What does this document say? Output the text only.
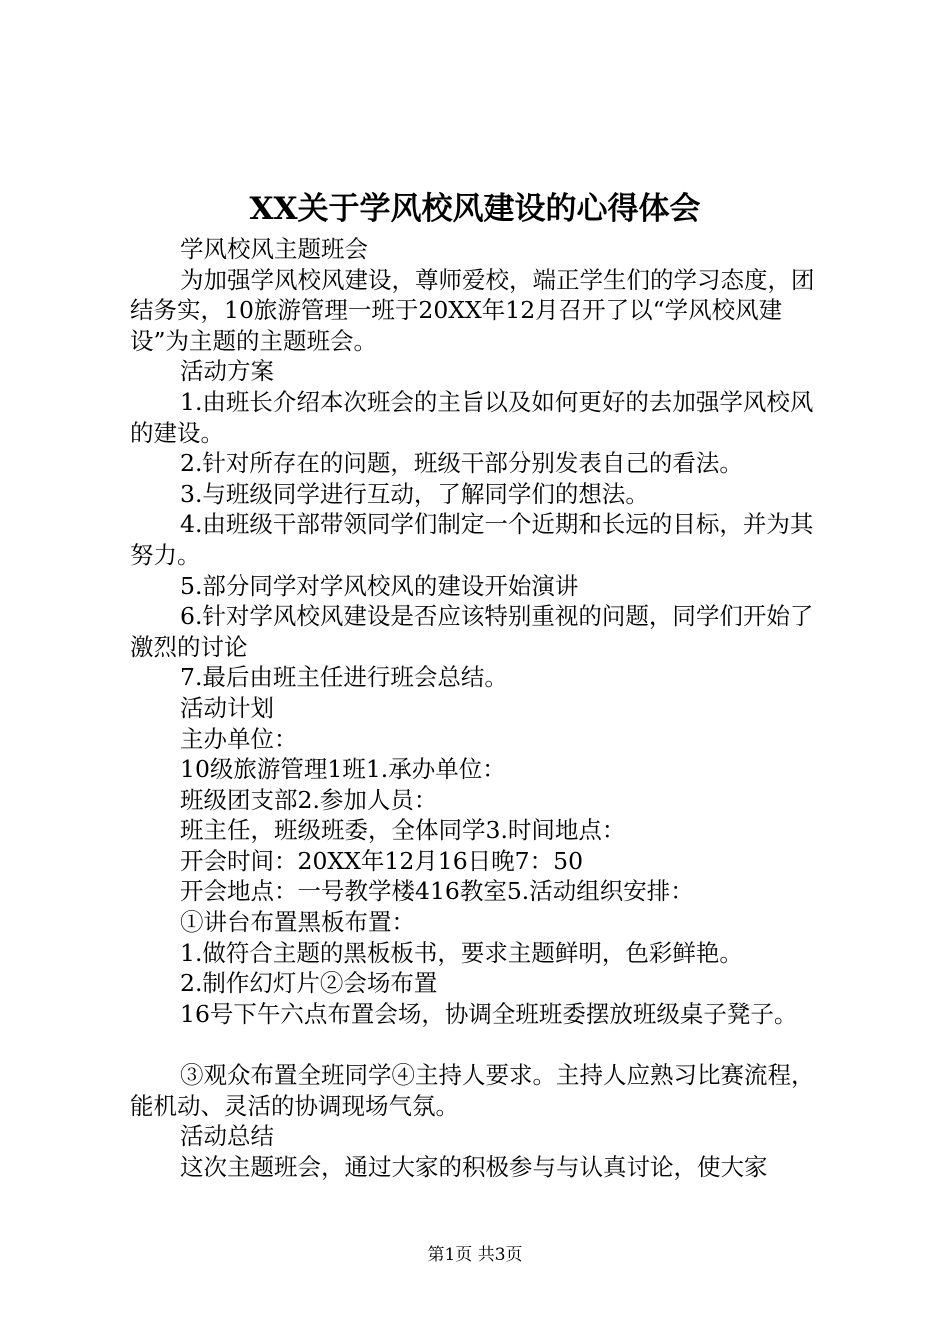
XX关于学风校风建设的心得体会

学风校风主题班会

为加强学风校风建设，尊师爱校，端正学生们的学习态度，团结务实，10旅游管理一班于20XX年12月召开了以“学风校风建设”为主题的主题班会。

活动方案

1.由班长介绍本次班会的主旨以及如何更好的去加强学风校风的建设。

2.针对所存在的问题，班级干部分别发表自己的看法。

3.与班级同学进行互动，了解同学们的想法。

4.由班级干部带领同学们制定一个近期和长远的目标，并为其努力。

5.部分同学对学风校风的建设开始演讲

6.针对学风校风建设是否应该特别重视的问题，同学们开始了激烈的讨论

7.最后由班主任进行班会总结。

活动计划

主办单位：

10级旅游管理1班1.承办单位：

班级团支部2.参加人员：

班主任，班级班委，全体同学3.时间地点：

开会时间：20XX年12月16日晚7：50

开会地点：一号教学楼416教室5.活动组织安排：

①讲台布置黑板布置：

1.做符合主题的黑板板书，要求主题鲜明，色彩鲜艳。

2.制作幻灯片②会场布置

16号下午六点布置会场，协调全班班委摆放班级桌子凳子。

③观众布置全班同学④主持人要求。主持人应熟习比赛流程，能机动、灵活的协调现场气氛。

活动总结

这次主题班会，通过大家的积极参与与认真讨论，使大家

第1页 共3页
